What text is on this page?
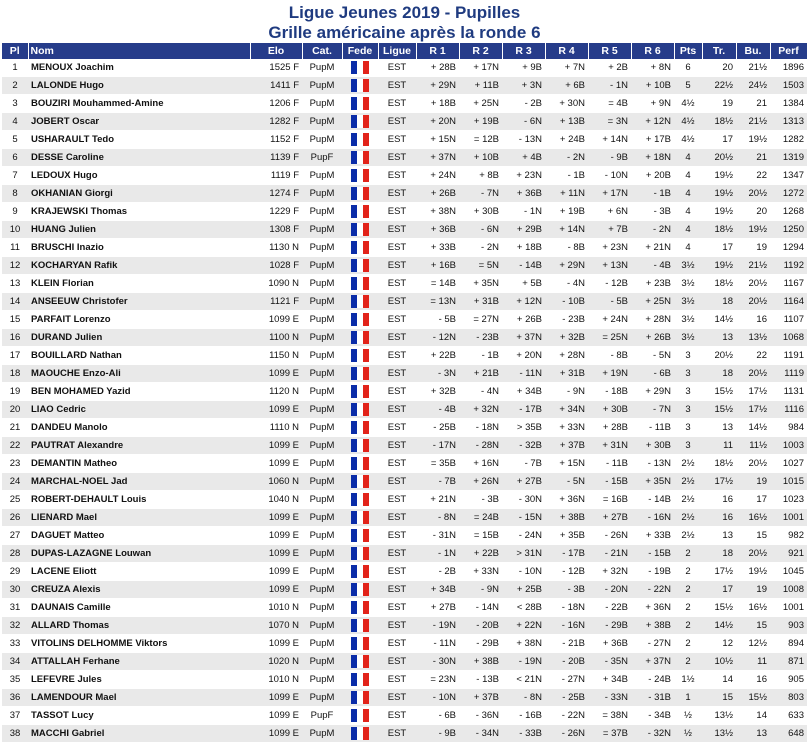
Ligue Jeunes 2019 - Pupilles
Grille américaine après la ronde 6
Pl	Nom	Elo	Cat.	Fede	Ligue	R 1	R 2	R 3	R 4	R 5	R 6	Pts	Tr.	Bu.	Perf
1	MENOUX Joachim	1525 F	PupM		EST	+ 28B	+ 17N	+ 9B	+ 7N	+ 2B	+ 8N	6	20	21½	1896
2	LALONDE Hugo	1411 F	PupM		EST	+ 29N	+ 11B	+ 3N	+ 6B	- 1N	+ 10B	5	22½	24½	1503
3	BOUZIRI Mouhammed-Amine	1206 F	PupM		EST	+ 18B	+ 25N	- 2B	+ 30N	= 4B	+ 9N	4½	19	21	1384
4	JOBERT Oscar	1282 F	PupM		EST	+ 20N	+ 19B	- 6N	+ 13B	= 3N	+ 12N	4½	18½	21½	1313
5	USHARAULT Tedo	1152 F	PupM		EST	+ 15N	= 12B	- 13N	+ 24B	+ 14N	+ 17B	4½	17	19½	1282
6	DESSE Caroline	1139 F	PupF		EST	+ 37N	+ 10B	+ 4B	- 2N	- 9B	+ 18N	4	20½	21	1319
7	LEDOUX Hugo	1119 F	PupM		EST	+ 24N	+ 8B	+ 23N	- 1B	- 10N	+ 20B	4	19½	22	1347
8	OKHANIAN Giorgi	1274 F	PupM		EST	+ 26B	- 7N	+ 36B	+ 11N	+ 17N	- 1B	4	19½	20½	1272
9	KRAJEWSKI Thomas	1229 F	PupM		EST	+ 38N	+ 30B	- 1N	+ 19B	+ 6N	- 3B	4	19½	20	1268
10	HUANG Julien	1308 F	PupM		EST	+ 36B	- 6N	+ 29B	+ 14N	+ 7B	- 2N	4	18½	19½	1250
11	BRUSCHI Inazio	1130 N	PupM		EST	+ 33B	- 2N	+ 18B	- 8B	+ 23N	+ 21N	4	17	19	1294
12	KOCHARYAN Rafik	1028 F	PupM		EST	+ 16B	= 5N	- 14B	+ 29N	+ 13N	- 4B	3½	19½	21½	1192
13	KLEIN Florian	1090 N	PupM		EST	= 14B	+ 35N	+ 5B	- 4N	- 12B	+ 23B	3½	18½	20½	1167
14	ANSEEUW Christofer	1121 F	PupM		EST	= 13N	+ 31B	+ 12N	- 10B	- 5B	+ 25N	3½	18	20½	1164
15	PARFAIT Lorenzo	1099 E	PupM		EST	- 5B	= 27N	+ 26B	- 23B	+ 24N	+ 28N	3½	14½	16	1107
16	DURAND Julien	1100 N	PupM		EST	- 12N	- 23B	+ 37N	+ 32B	= 25N	+ 26B	3½	13	13½	1068
17	BOUILLARD Nathan	1150 N	PupM		EST	+ 22B	- 1B	+ 20N	+ 28N	- 8B	- 5N	3	20½	22	1191
18	MAOUCHE Enzo-Ali	1099 E	PupM		EST	- 3N	+ 21B	- 11N	+ 31B	+ 19N	- 6B	3	18	20½	1119
19	BEN MOHAMED Yazid	1120 N	PupM		EST	+ 32B	- 4N	+ 34B	- 9N	- 18B	+ 29N	3	15½	17½	1131
20	LIAO Cedric	1099 E	PupM		EST	- 4B	+ 32N	- 17B	+ 34N	+ 30B	- 7N	3	15½	17½	1116
21	DANDEU Manolo	1110 N	PupM		EST	- 25B	- 18N	> 35B	+ 33N	+ 28B	- 11B	3	13	14½	984
22	PAUTRAT Alexandre	1099 E	PupM		EST	- 17N	- 28N	- 32B	+ 37B	+ 31N	+ 30B	3	11	11½	1003
23	DEMANTIN Matheo	1099 E	PupM		EST	= 35B	+ 16N	- 7B	+ 15N	- 11B	- 13N	2½	18½	20½	1027
24	MARCHAL-NOEL Jad	1060 N	PupM		EST	- 7B	+ 26N	+ 27B	- 5N	- 15B	+ 35N	2½	17½	19	1015
25	ROBERT-DEHAULT Louis	1040 N	PupM		EST	+ 21N	- 3B	- 30N	+ 36N	= 16B	- 14B	2½	16	17	1023
26	LIENARD Mael	1099 E	PupM		EST	- 8N	= 24B	- 15N	+ 38B	+ 27B	- 16N	2½	16	16½	1001
27	DAGUET Matteo	1099 E	PupM		EST	- 31N	= 15B	- 24N	+ 35B	- 26N	+ 33B	2½	13	15	982
28	DUPAS-LAZAGNE Louwan	1099 E	PupM		EST	- 1N	+ 22B	> 31N	- 17B	- 21N	- 15B	2	18	20½	921
29	LACENE Eliott	1099 E	PupM		EST	- 2B	+ 33N	- 10N	- 12B	+ 32N	- 19B	2	17½	19½	1045
30	CREUZA Alexis	1099 E	PupM		EST	+ 34B	- 9N	+ 25B	- 3B	- 20N	- 22N	2	17	19	1008
31	DAUNAIS Camille	1010 N	PupM		EST	+ 27B	- 14N	< 28B	- 18N	- 22B	+ 36N	2	15½	16½	1001
32	ALLARD Thomas	1070 N	PupM		EST	- 19N	- 20B	+ 22N	- 16N	- 29B	+ 38B	2	14½	15	903
33	VITOLINS DELHOMME Viktors	1099 E	PupM		EST	- 11N	- 29B	+ 38N	- 21B	+ 36B	- 27N	2	12	12½	894
34	ATTALLAH Ferhane	1020 N	PupM		EST	- 30N	+ 38B	- 19N	- 20B	- 35N	+ 37N	2	10½	11	871
35	LEFEVRE Jules	1010 N	PupM		EST	= 23N	- 13B	< 21N	- 27N	+ 34B	- 24B	1½	14	16	905
36	LAMENDOUR Mael	1099 E	PupM		EST	- 10N	+ 37B	- 8N	- 25B	- 33N	- 31B	1	15	15½	803
37	TASSOT Lucy	1099 E	PupF		EST	- 6B	- 36N	- 16B	- 22N	= 38N	- 34B	½	13½	14	633
38	MACCHI Gabriel	1099 E	PupM		EST	- 9B	- 34N	- 33B	- 26N	= 37B	- 32N	½	13½	13	648
